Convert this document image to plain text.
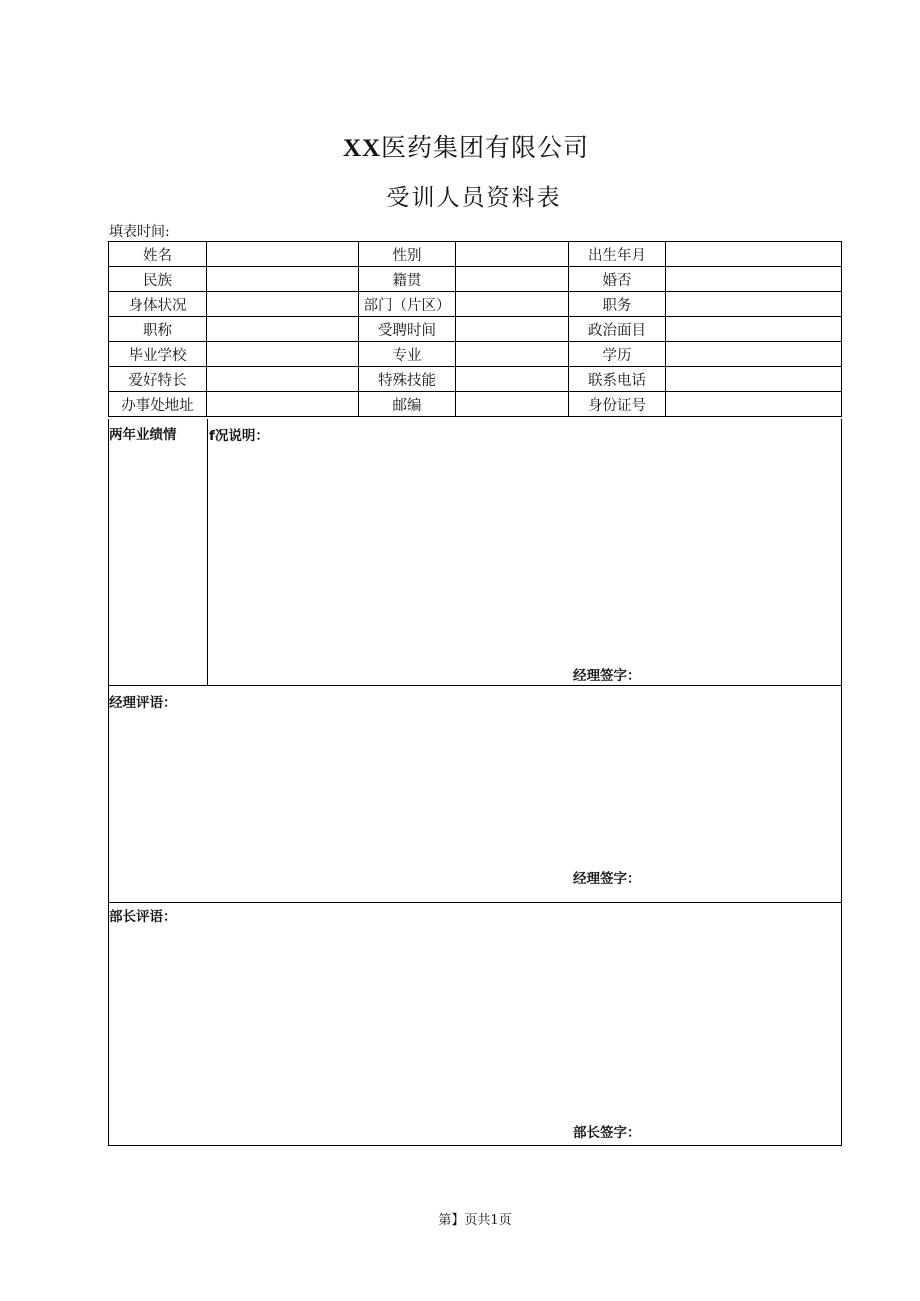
XX医药集团有限公司
受训人员资料表
填表时间:
姓名		性别		出生年月	
民族		籍贯		婚否	
身体状况		部门（片区）		职务	
职称		受聘时间		政治面目	
毕业学校		专业		学历	
爱好特长		特殊技能		联系电话	
办事处地址		邮编		身份证号	
两年业绩情 f况说明：
经理签字：
经理评语：
经理签字：
部长评语：
部长签字：
第】页共1页
